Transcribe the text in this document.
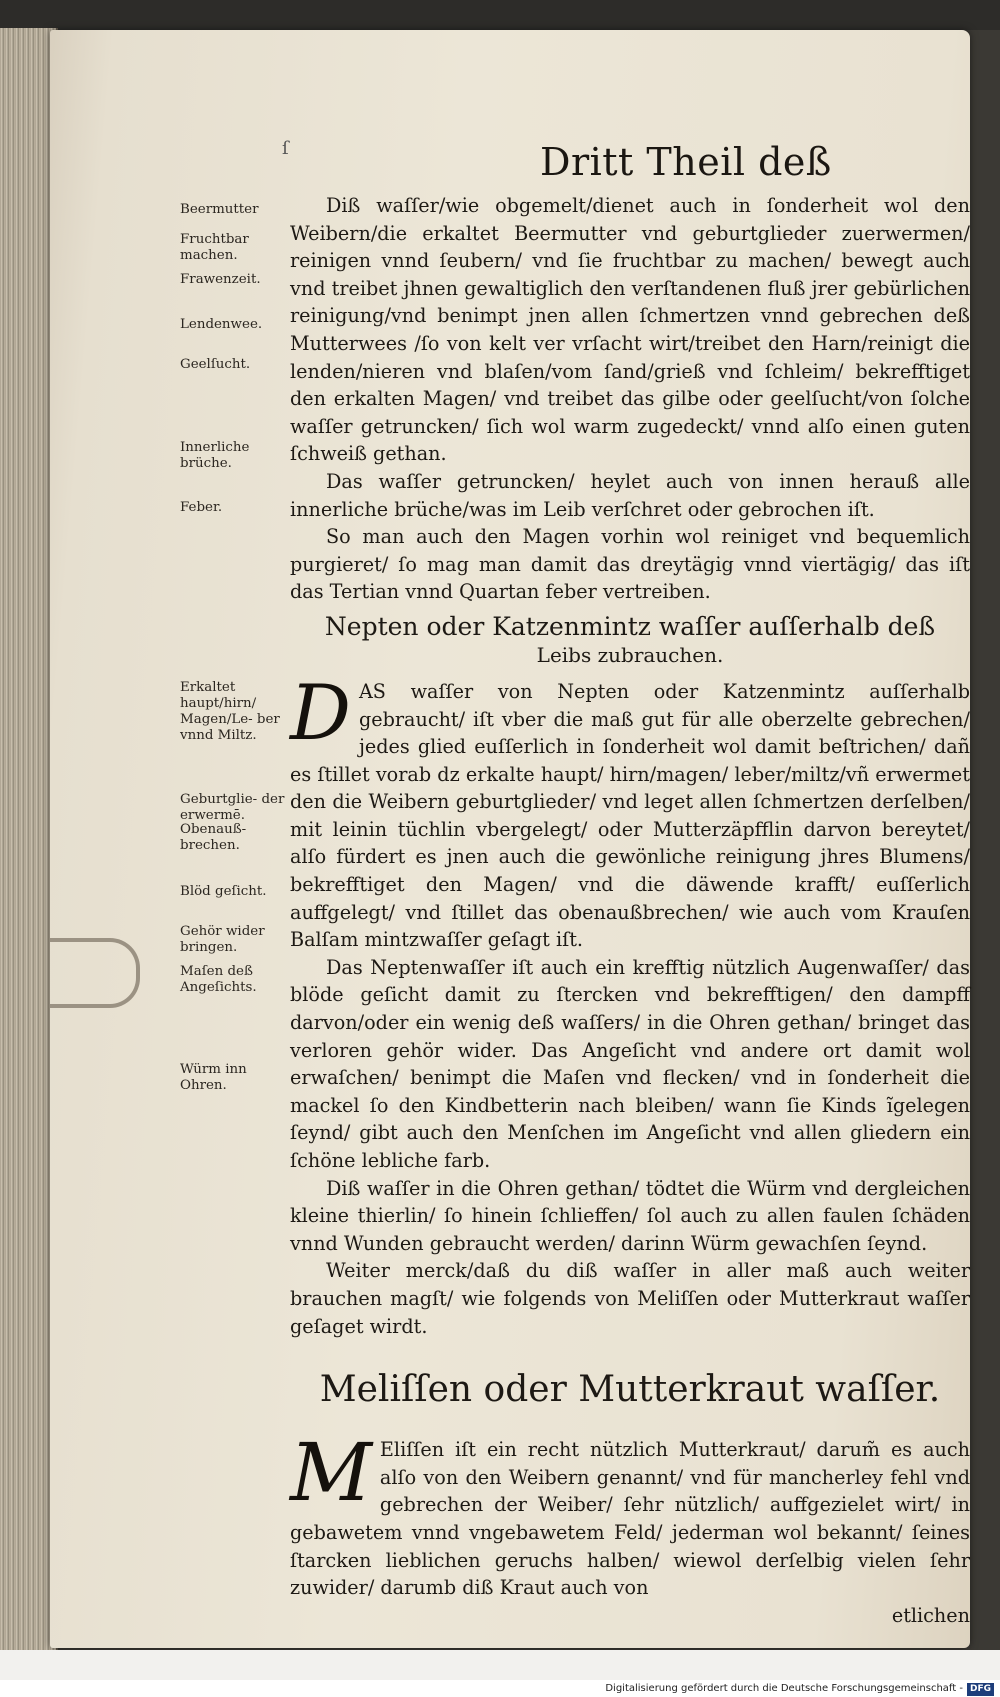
ſ	Dritt Theil deß
Beermutter
Fruchtbar machen.
Frawenzeit.
Lendenwee.
Geelſucht.
Innerliche brüche.
Feber.
Erkaltet haupt/hirn/ Magen/Le- ber vnnd Miltz.
Geburtglie- der erwermē.
Obenauß- brechen.
Blöd geſicht.
Gehör wider bringen.
Maſen deß Angeſichts.
Würm inn Ohren.

Diß waſſer/wie obgemelt/dienet auch in ſonderheit wol den Weibern/die erkaltet Beermutter vnd geburtglieder zuerwermen/ reinigen vnnd ſeubern/ vnd ſie fruchtbar zu machen/ bewegt auch vnd treibet jhnen gewaltiglich den verſtandenen fluß jrer gebürlichen reinigung/vnd benimpt jnen allen ſchmertzen vnnd gebrechen deß Mutterwees /ſo von kelt ver vrſacht wirt/treibet den Harn/reinigt die lenden/nieren vnd blaſen/vom ſand/grieß vnd ſchleim/ bekrefftiget den erkalten Magen/ vnd treibet das gilbe oder geelſucht/von ſolche waſſer getruncken/ ſich wol warm zugedeckt/ vnnd alſo einen guten ſchweiß gethan.

Das waſſer getruncken/ heylet auch von innen herauß alle innerliche brüche/was im Leib verſchret oder gebrochen iſt.

So man auch den Magen vorhin wol reiniget vnd bequemlich purgieret/ ſo mag man damit das dreytägig vnnd viertägig/ das iſt das Tertian vnnd Quartan feber vertreiben.

Nepten oder Katzenmintz waſſer auſſerhalb deß

Leibs zubrauchen.

DAS waſſer von Nepten oder Katzenmintz auſſerhalb gebraucht/ iſt vber die maß gut für alle oberzelte gebrechen/ jedes glied euſſerlich in ſonderheit wol damit beſtrichen/ dañ es ſtillet vorab dz erkalte haupt/ hirn/magen/ leber/miltz/vñ erwermet den die Weibern geburtglieder/ vnd leget allen ſchmertzen derſelben/ mit leinin tüchlin vbergelegt/ oder Mutterzäpfflin darvon bereytet/ alſo fürdert es jnen auch die gewönliche reinigung jhres Blumens/ bekrefftiget den Magen/ vnd die däwende krafft/ euſſerlich auffgelegt/ vnd ſtillet das obenaußbrechen/ wie auch vom Krauſen Balſam mintzwaſſer geſagt iſt.

Das Neptenwaſſer iſt auch ein krefftig nützlich Augenwaſſer/ das blöde geſicht damit zu ſtercken vnd bekrefftigen/ den dampff darvon/oder ein wenig deß waſſers/ in die Ohren gethan/ bringet das verloren gehör wider. Das Angeſicht vnd andere ort damit wol erwaſchen/ benimpt die Maſen vnd flecken/ vnd in ſonderheit die mackel ſo den Kindbetterin nach bleiben/ wann ſie Kinds ĩgelegen ſeynd/ gibt auch den Menſchen im Angeſicht vnd allen gliedern ein ſchöne lebliche farb.

Diß waſſer in die Ohren gethan/ tödtet die Würm vnd dergleichen kleine thierlin/ ſo hinein ſchlieffen/ ſol auch zu allen faulen ſchäden vnnd Wunden gebraucht werden/ darinn Würm gewachſen ſeynd.

Weiter merck/daß du diß waſſer in aller maß auch weiter brauchen magſt/ wie folgends von Meliſſen oder Mutterkraut waſſer geſaget wirdt.

Meliſſen oder Mutterkraut waſſer.

M Eliſſen iſt ein recht nützlich Mutterkraut/ darum̃ es auch alſo von den Weibern genannt/ vnd für mancherley fehl vnd gebrechen der Weiber/ ſehr nützlich/ auffgezielet wirt/ in gebawetem vnnd vngebawetem Feld/ jederman wol bekannt/ ſeines ſtarcken lieblichen geruchs halben/ wiewol derſelbig vielen ſehr zuwider/ darumb diß Kraut auch von

etlichen

Digitalisierung gefördert durch die Deutsche Forschungsgemeinschaft - DFG
